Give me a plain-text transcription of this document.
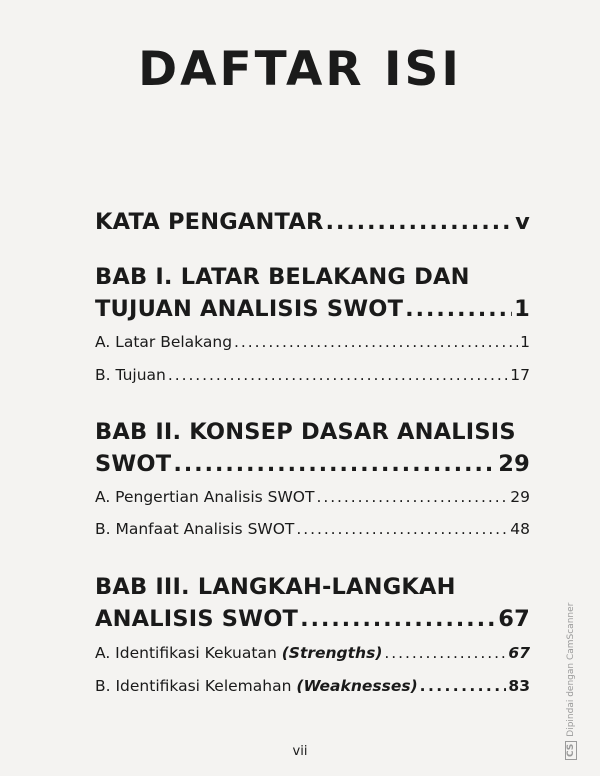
DAFTAR ISI
KATA PENGANTAR . . .	v
BAB I. LATAR BELAKANG DAN
TUJUAN ANALISIS SWOT . . .	1
A. Latar Belakang . . .	1
B. Tujuan . . .	17
BAB II. KONSEP DASAR ANALISIS
SWOT . . .	29
A. Pengertian Analisis SWOT . . .	29
B. Manfaat Analisis SWOT . . .	48
BAB III. LANGKAH-LANGKAH
ANALISIS SWOT . . .	67
A. Identifikasi Kekuatan (Strengths) . . .	67
B. Identifikasi Kelemahan (Weaknesses) . . .	83
vii	CSDipindai dengan CamScanner
